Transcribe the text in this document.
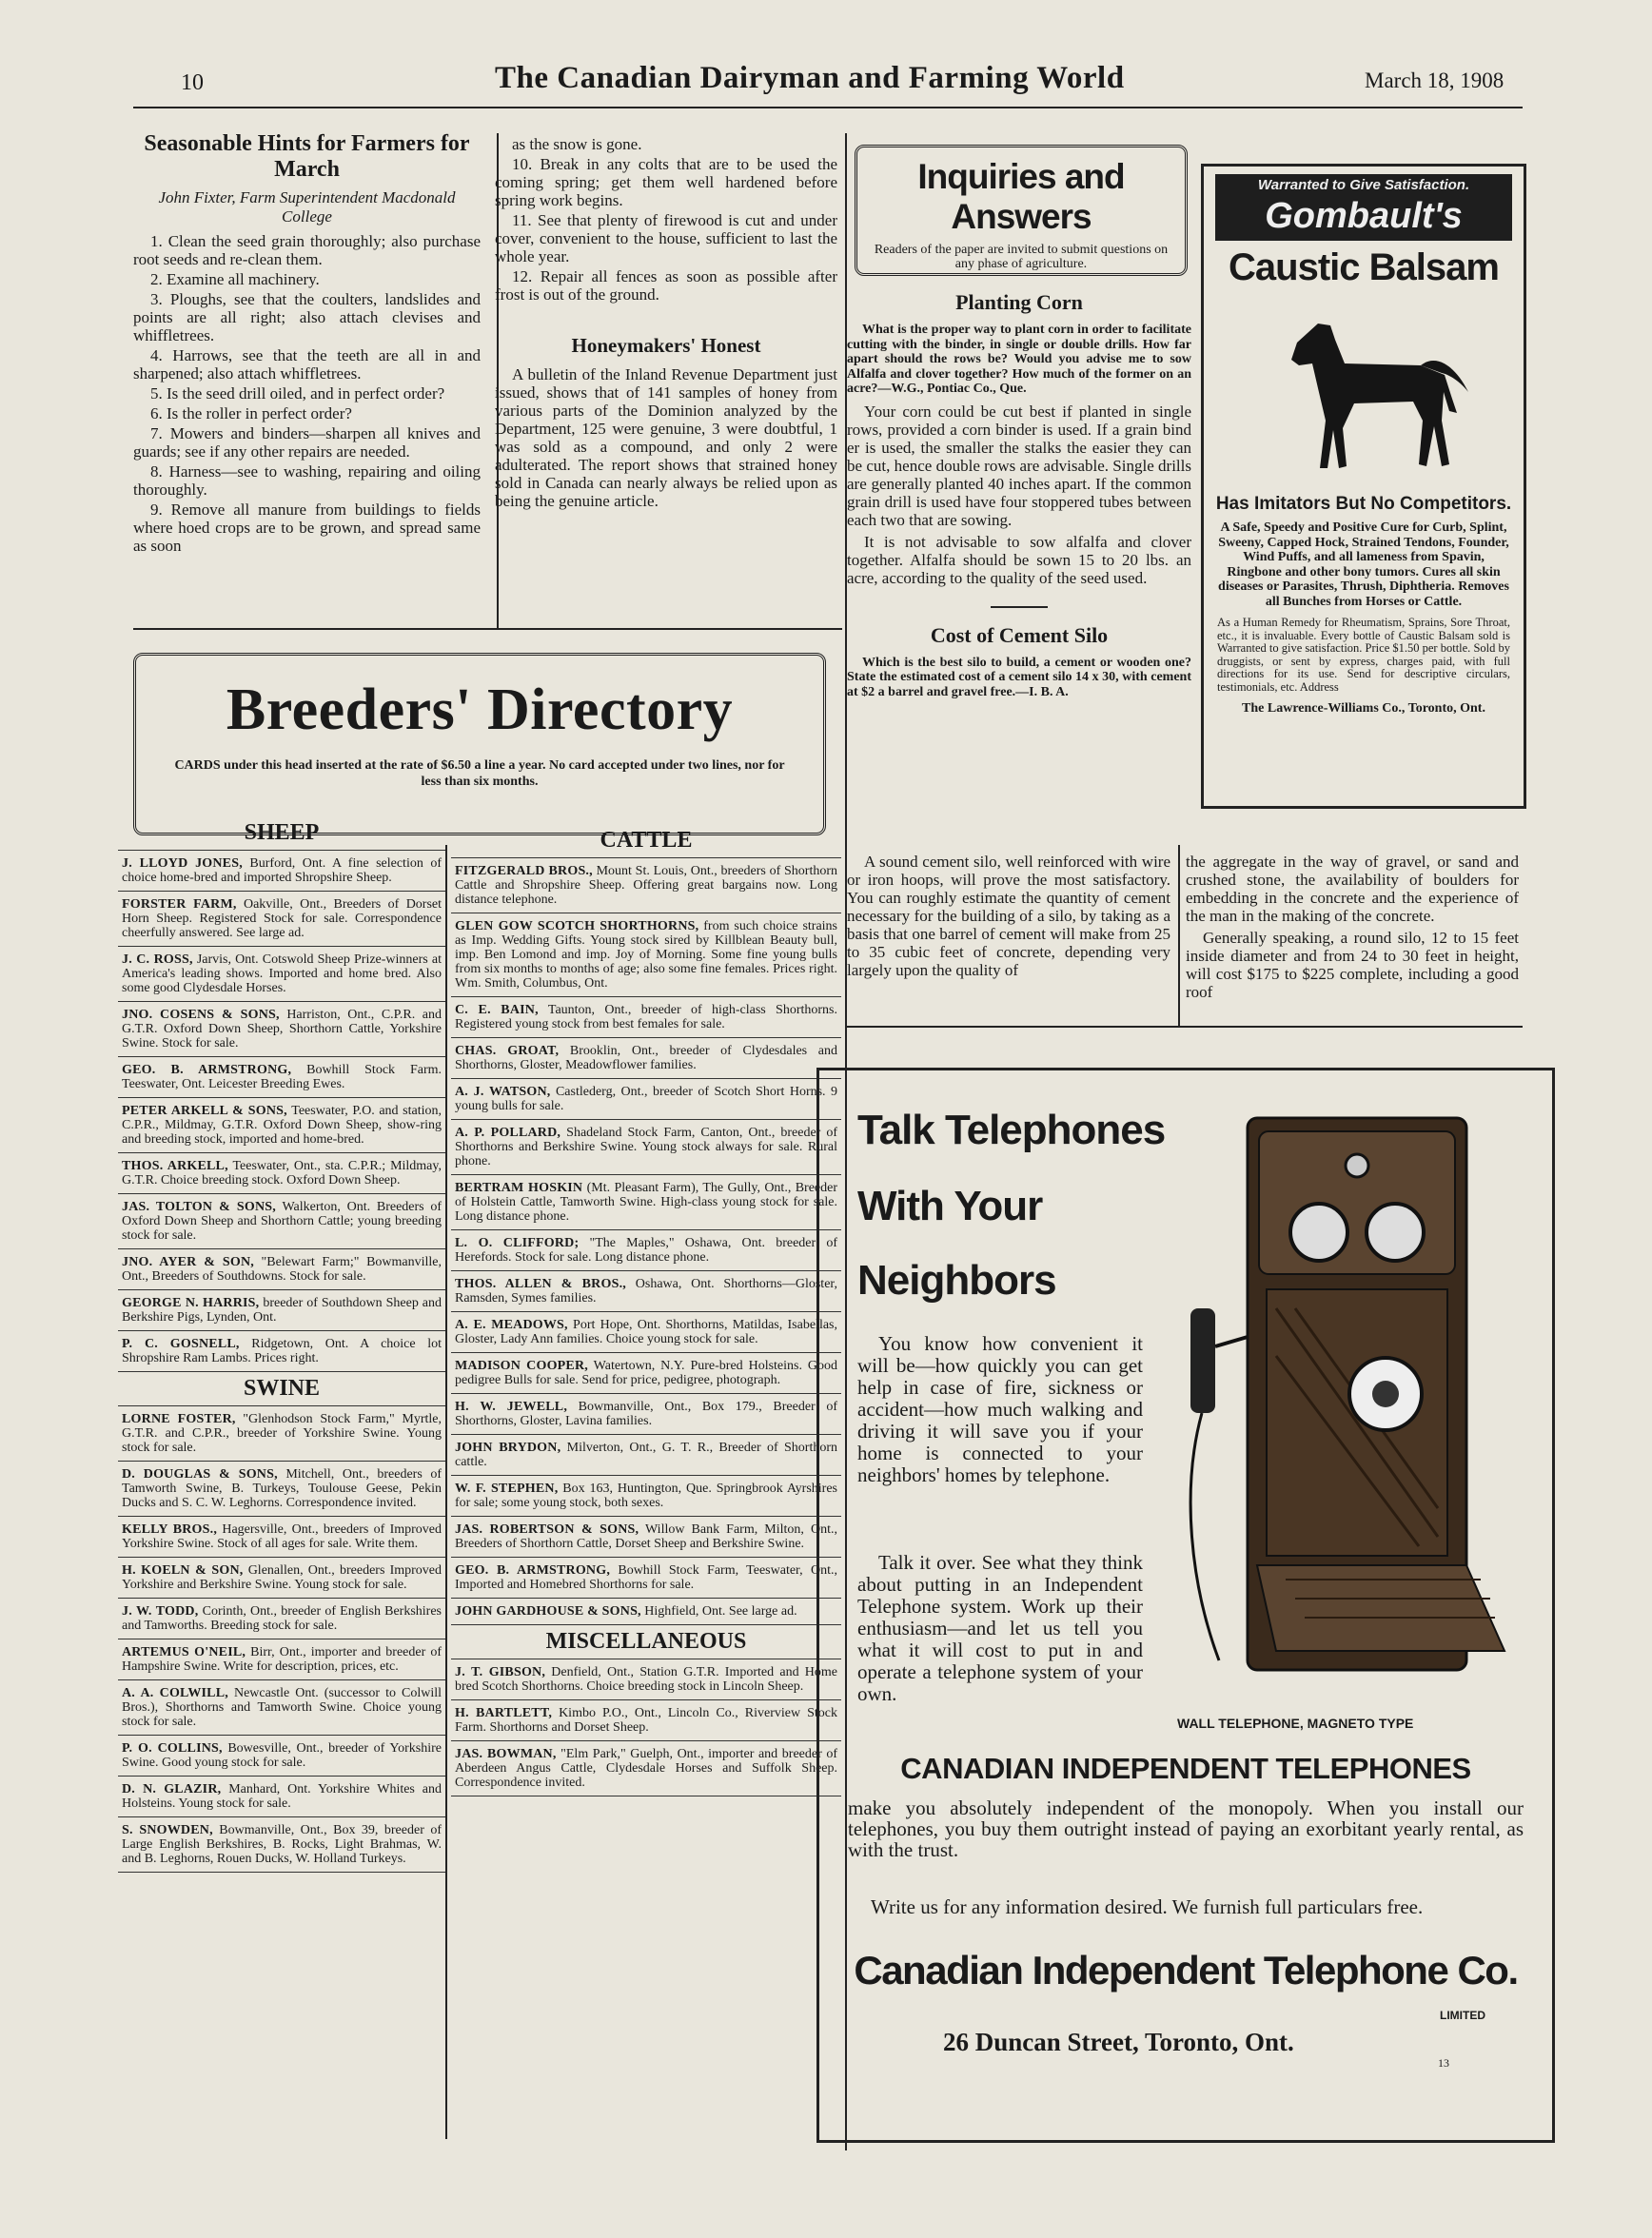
10	The Canadian Dairyman and Farming World	March 18, 1908
Seasonable Hints for Farmers for March
John Fixter, Farm Superintendent Macdonald College
1. Clean the seed grain thoroughly; also purchase root seeds and re-clean them.
2. Examine all machinery.
3. Ploughs, see that the coulters, landslides and points are all right; also attach clevises and whiffletrees.
4. Harrows, see that the teeth are all in and sharpened; also attach whiffletrees.
5. Is the seed drill oiled, and in perfect order?
6. Is the roller in perfect order?
7. Mowers and binders—sharpen all knives and guards; see if any other repairs are needed.
8. Harness—see to washing, repairing and oiling thoroughly.
9. Remove all manure from buildings to fields where hoed crops are to be grown, and spread same as soon
as the snow is gone.
10. Break in any colts that are to be used the coming spring; get them well hardened before spring work begins.
11. See that plenty of firewood is cut and under cover, convenient to the house, sufficient to last the whole year.
12. Repair all fences as soon as possible after frost is out of the ground.
Honeymakers' Honest
A bulletin of the Inland Revenue Department just issued, shows that of 141 samples of honey from various parts of the Dominion analyzed by the Department, 125 were genuine, 3 were doubtful, 1 was sold as a compound, and only 2 were adulterated. The report shows that strained honey sold in Canada can nearly always be relied upon as being the genuine article.
Inquiries and Answers
Readers of the paper are invited to submit questions on any phase of agriculture.
Planting Corn
What is the proper way to plant corn in order to facilitate cutting with the binder, in single or double drills. How far apart should the rows be? Would you advise me to sow Alfalfa and clover together? How much of the former on an acre?—W.G., Pontiac Co., Que.
Your corn could be cut best if planted in single rows, provided a corn binder is used. If a grain bind er is used, the smaller the stalks the easier they can be cut, hence double rows are advisable. Single drills are generally planted 40 inches apart. If the common grain drill is used have four stoppered tubes between each two that are sowing.
It is not advisable to sow alfalfa and clover together. Alfalfa should be sown 15 to 20 lbs. an acre, according to the quality of the seed used.
Cost of Cement Silo
Which is the best silo to build, a cement or wooden one? State the estimated cost of a cement silo 14 x 30, with cement at $2 a barrel and gravel free.—I. B. A.
A sound cement silo, well reinforced with wire or iron hoops, will prove the most satisfactory. You can roughly estimate the quantity of cement necessary for the building of a silo, by taking as a basis that one barrel of cement will make from 25 to 35 cubic feet of concrete, depending very largely upon the quality of
the aggregate in the way of gravel, or sand and crushed stone, the availability of boulders for embedding in the concrete and the experience of the man in the making of the concrete.
Generally speaking, a round silo, 12 to 15 feet inside diameter and from 24 to 30 feet in height, will cost $175 to $225 complete, including a good roof
Warranted to Give Satisfaction.
Gombault's
Caustic Balsam
Has Imitators But No Competitors.
A Safe, Speedy and Positive Cure for Curb, Splint, Sweeny, Capped Hock, Strained Tendons, Founder, Wind Puffs, and all lameness from Spavin, Ringbone and other bony tumors. Cures all skin diseases or Parasites, Thrush, Diphtheria. Removes all Bunches from Horses or Cattle.
As a Human Remedy for Rheumatism, Sprains, Sore Throat, etc., it is invaluable. Every bottle of Caustic Balsam sold is Warranted to give satisfaction. Price $1.50 per bottle. Sold by druggists, or sent by express, charges paid, with full directions for its use. Send for descriptive circulars, testimonials, etc. Address
The Lawrence-Williams Co., Toronto, Ont.
Breeders' Directory
CARDS under this head inserted at the rate of $6.50 a line a year. No card accepted under two lines, nor for less than six months.
SHEEP
J. LLOYD JONES, Burford, Ont. A fine selection of choice home-bred and imported Shropshire Sheep.
FORSTER FARM, Oakville, Ont., Breeders of Dorset Horn Sheep. Registered Stock for sale. Correspondence cheerfully answered. See large ad.
J. C. ROSS, Jarvis, Ont. Cotswold Sheep Prize-winners at America's leading shows. Imported and home bred. Also some good Clydesdale Horses.
JNO. COSENS & SONS, Harriston, Ont., C.P.R. and G.T.R. Oxford Down Sheep, Shorthorn Cattle, Yorkshire Swine. Stock for sale.
GEO. B. ARMSTRONG, Bowhill Stock Farm. Teeswater, Ont. Leicester Breeding Ewes.
PETER ARKELL & SONS, Teeswater, P.O. and station, C.P.R., Mildmay, G.T.R. Oxford Down Sheep, show-ring and breeding stock, imported and home-bred.
THOS. ARKELL, Teeswater, Ont., sta. C.P.R.; Mildmay, G.T.R. Choice breeding stock. Oxford Down Sheep.
JAS. TOLTON & SONS, Walkerton, Ont. Breeders of Oxford Down Sheep and Shorthorn Cattle; young breeding stock for sale.
JNO. AYER & SON, "Belewart Farm;" Bowmanville, Ont., Breeders of Southdowns. Stock for sale.
GEORGE N. HARRIS, breeder of Southdown Sheep and Berkshire Pigs, Lynden, Ont.
P. C. GOSNELL, Ridgetown, Ont. A choice lot Shropshire Ram Lambs. Prices right.
SWINE
LORNE FOSTER, "Glenhodson Stock Farm," Myrtle, G.T.R. and C.P.R., breeder of Yorkshire Swine. Young stock for sale.
D. DOUGLAS & SONS, Mitchell, Ont., breeders of Tamworth Swine, B. Turkeys, Toulouse Geese, Pekin Ducks and S. C. W. Leghorns. Correspondence invited.
KELLY BROS., Hagersville, Ont., breeders of Improved Yorkshire Swine. Stock of all ages for sale. Write them.
H. KOELN & SON, Glenallen, Ont., breeders Improved Yorkshire and Berkshire Swine. Young stock for sale.
J. W. TODD, Corinth, Ont., breeder of English Berkshires and Tamworths. Breeding stock for sale.
ARTEMUS O'NEIL, Birr, Ont., importer and breeder of Hampshire Swine. Write for description, prices, etc.
A. A. COLWILL, Newcastle Ont. (successor to Colwill Bros.), Shorthorns and Tamworth Swine. Choice young stock for sale.
P. O. COLLINS, Bowesville, Ont., breeder of Yorkshire Swine. Good young stock for sale.
D. N. GLAZIR, Manhard, Ont. Yorkshire Whites and Holsteins. Young stock for sale.
S. SNOWDEN, Bowmanville, Ont., Box 39, breeder of Large English Berkshires, B. Rocks, Light Brahmas, W. and B. Leghorns, Rouen Ducks, W. Holland Turkeys.
CATTLE
FITZGERALD BROS., Mount St. Louis, Ont., breeders of Shorthorn Cattle and Shropshire Sheep. Offering great bargains now. Long distance telephone.
GLEN GOW SCOTCH SHORTHORNS, from such choice strains as Imp. Wedding Gifts. Young stock sired by Killblean Beauty bull, imp. Ben Lomond and imp. Joy of Morning. Some fine young bulls from six months to months of age; also some fine females. Prices right. Wm. Smith, Columbus, Ont.
C. E. BAIN, Taunton, Ont., breeder of high-class Shorthorns. Registered young stock from best females for sale.
CHAS. GROAT, Brooklin, Ont., breeder of Clydesdales and Shorthorns, Gloster, Meadowflower families.
A. J. WATSON, Castlederg, Ont., breeder of Scotch Short Horns. 9 young bulls for sale.
A. P. POLLARD, Shadeland Stock Farm, Canton, Ont., breeder of Shorthorns and Berkshire Swine. Young stock always for sale. Rural phone.
BERTRAM HOSKIN (Mt. Pleasant Farm), The Gully, Ont., Breeder of Holstein Cattle, Tamworth Swine. High-class young stock for sale. Long distance phone.
L. O. CLIFFORD; "The Maples," Oshawa, Ont. breeder of Herefords. Stock for sale. Long distance phone.
THOS. ALLEN & BROS., Oshawa, Ont. Shorthorns—Gloster, Ramsden, Symes families.
A. E. MEADOWS, Port Hope, Ont. Shorthorns, Matildas, Isabellas, Gloster, Lady Ann families. Choice young stock for sale.
MADISON COOPER, Watertown, N.Y. Pure-bred Holsteins. Good pedigree Bulls for sale. Send for price, pedigree, photograph.
H. W. JEWELL, Bowmanville, Ont., Box 179., Breeder of Shorthorns, Gloster, Lavina families.
JOHN BRYDON, Milverton, Ont., G. T. R., Breeder of Shorthorn cattle.
W. F. STEPHEN, Box 163, Huntington, Que. Springbrook Ayrshires for sale; some young stock, both sexes.
JAS. ROBERTSON & SONS, Willow Bank Farm, Milton, Ont., Breeders of Shorthorn Cattle, Dorset Sheep and Berkshire Swine.
GEO. B. ARMSTRONG, Bowhill Stock Farm, Teeswater, Ont., Imported and Homebred Shorthorns for sale.
JOHN GARDHOUSE & SONS, Highfield, Ont. See large ad.
MISCELLANEOUS
J. T. GIBSON, Denfield, Ont., Station G.T.R. Imported and Home bred Scotch Shorthorns. Choice breeding stock in Lincoln Sheep.
H. BARTLETT, Kimbo P.O., Ont., Lincoln Co., Riverview Stock Farm. Shorthorns and Dorset Sheep.
JAS. BOWMAN, "Elm Park," Guelph, Ont., importer and breeder of Aberdeen Angus Cattle, Clydesdale Horses and Suffolk Sheep. Correspondence invited.
Talk Telephones
With Your
Neighbors
You know how convenient it will be—how quickly you can get help in case of fire, sickness or accident—how much walking and driving it will save you if your home is connected to your neighbors' homes by telephone.
Talk it over. See what they think about putting in an Independent Telephone system. Work up their enthusiasm—and let us tell you what it will cost to put in and operate a telephone system of your own.
WALL TELEPHONE, MAGNETO TYPE
CANADIAN INDEPENDENT TELEPHONES
make you absolutely independent of the monopoly. When you install our telephones, you buy them outright instead of paying an exorbitant yearly rental, as with the trust.
Write us for any information desired. We furnish full particulars free.
Canadian Independent Telephone Co.
LIMITED
26 Duncan Street, Toronto, Ont.
13
